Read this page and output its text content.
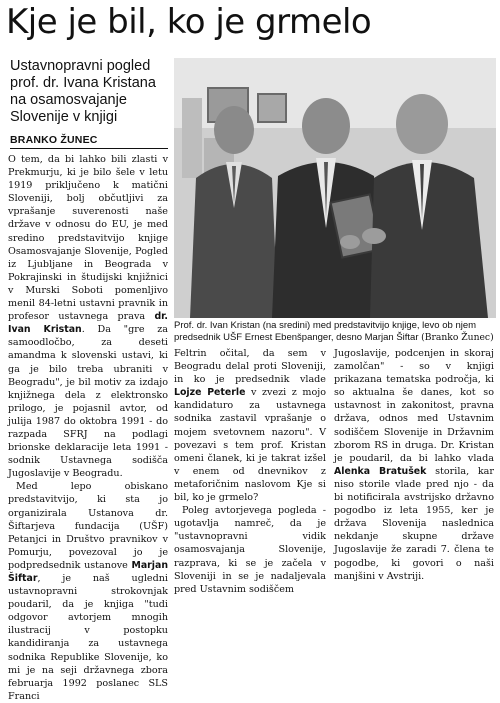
Kje je bil, ko je grmelo
Ustavnopravni pogled prof. dr. Ivana Kristana na osamosvajanje Slovenije v knjigi
BRANKO ŽUNEC

O tem, da bi lahko bili zlasti v Prekmurju, ki je bilo šele v letu 1919 priključeno k matični Sloveniji, bolj občutljivi za vprašanje suverenosti naše države v odnosu do EU, je med sredino predstavitvijo knjige Osamosvajanje Slovenije, Pogled iz Ljubljane in Beograda v Pokrajinski in študijski knjižnici v Murski Soboti pomenljivo menil 84-letni ustavni pravnik in profesor ustavnega prava dr. Ivan Kristan. Da "gre za samoodločbo, za deseti amandma k slovenski ustavi, ki ga je bilo treba ubraniti v Beogradu", je bil motiv za izdajo knjižnega dela z elektronsko prilogo, je pojasnil avtor, od julija 1987 do oktobra 1991 - do razpada SFRJ na podlagi brionske deklaracije leta 1991 - sodnik Ustavnega sodišča Jugoslavije v Beogradu.

Med lepo obiskano predstavitvijo, ki sta jo organizirala Ustanova dr. Šiftarjeva fundacija (UŠF) Petanjci in Društvo pravnikov v Pomurju, povezoval jo je podpredsednik ustanove Marjan Šiftar, je naš ugledni ustavnopravni strokovnjak poudaril, da je knjiga "tudi odgovor avtorjem mnogih ilustracij v postopku kandidiranja za ustavnega sodnika Republike Slovenije, ko mi je na seji državnega zbora februarja 1992 poslanec SLS Franci

Prof. dr. Ivan Kristan (na sredini) med predstavitvijo knjige, levo ob njem predsednik UŠF Ernest Ebenšpanger, desno Marjan Šiftar (Branko Žunec)

Feltrin očital, da sem v Beogradu delal proti Sloveniji, in ko je predsednik vlade Lojze Peterle v zvezi z mojo kandidaturo za ustavnega sodnika zastavil vprašanje o mojem svetovnem nazoru". V povezavi s tem prof. Kristan omeni članek, ki je takrat izšel v enem od dnevnikov z metaforičnim naslovom Kje si bil, ko je grmelo?

Poleg avtorjevega pogleda - ugotavlja namreč, da je "ustavnopravni vidik osamosvajanja Slovenije, razprava, ki se je začela v Sloveniji in se je nadaljevala pred Ustavnim sodiščem

Jugoslavije, podcenjen in skoraj zamolčan" - so v knjigi prikazana tematska področja, ki so aktualna še danes, kot so ustavnost in zakonitost, pravna država, odnos med Ustavnim sodiščem Slovenije in Državnim zborom RS in druga. Dr. Kristan je poudaril, da bi lahko vlada Alenka Bratušek storila, kar niso storile vlade pred njo - da bi notificirala avstrijsko državno pogodbo iz leta 1955, ker je država Slovenija naslednica nekdanje skupne države Jugoslavije že zaradi 7. člena te pogodbe, ki govori o naši manjšini v Avstriji.
